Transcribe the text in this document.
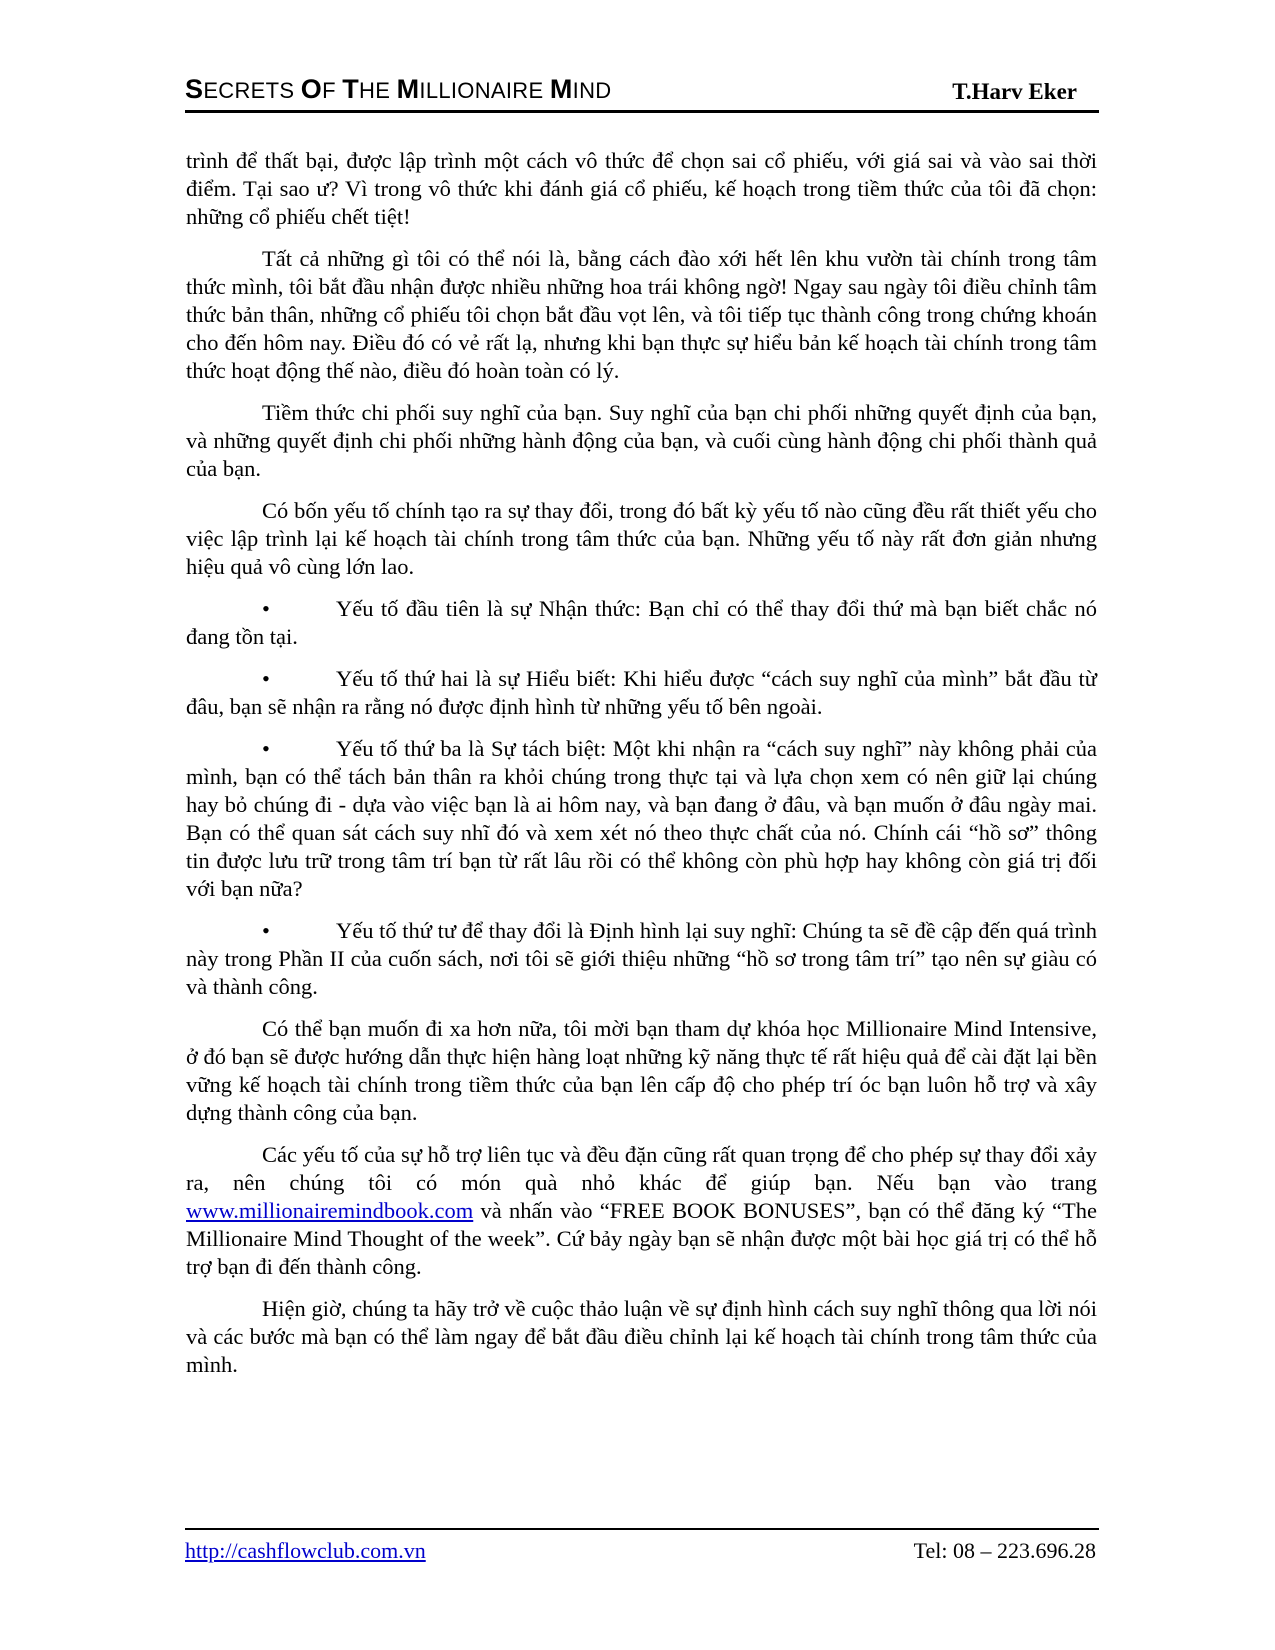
SECRETS OF THE MILLIONAIRE MIND	T.Harv Eker

trình để thất bại, được lập trình một cách vô thức để chọn sai cổ phiếu, với giá sai và vào sai thời điểm. Tại sao ư? Vì trong vô thức khi đánh giá cổ phiếu, kế hoạch trong tiềm thức của tôi đã chọn: những cổ phiếu chết tiệt!

Tất cả những gì tôi có thể nói là, bằng cách đào xới hết lên khu vườn tài chính trong tâm thức mình, tôi bắt đầu nhận được nhiều những hoa trái không ngờ! Ngay sau ngày tôi điều chỉnh tâm thức bản thân, những cổ phiếu tôi chọn bắt đầu vọt lên, và tôi tiếp tục thành công trong chứng khoán cho đến hôm nay. Điều đó có vẻ rất lạ, nhưng khi bạn thực sự hiểu bản kế hoạch tài chính trong tâm thức hoạt động thế nào, điều đó hoàn toàn có lý.

Tiềm thức chi phối suy nghĩ của bạn. Suy nghĩ của bạn chi phối những quyết định của bạn, và những quyết định chi phối những hành động của bạn, và cuối cùng hành động chi phối thành quả của bạn.

Có bốn yếu tố chính tạo ra sự thay đổi, trong đó bất kỳ yếu tố nào cũng đều rất thiết yếu cho việc lập trình lại kế hoạch tài chính trong tâm thức của bạn. Những yếu tố này rất đơn giản nhưng hiệu quả vô cùng lớn lao.

•	Yếu tố đầu tiên là sự Nhận thức: Bạn chỉ có thể thay đổi thứ mà bạn biết chắc nó đang tồn tại.
•	Yếu tố thứ hai là sự Hiểu biết: Khi hiểu được “cách suy nghĩ của mình” bắt đầu từ đâu, bạn sẽ nhận ra rằng nó được định hình từ những yếu tố bên ngoài.
•	Yếu tố thứ ba là Sự tách biệt: Một khi nhận ra “cách suy nghĩ” này không phải của mình, bạn có thể tách bản thân ra khỏi chúng trong thực tại và lựa chọn xem có nên giữ lại chúng hay bỏ chúng đi - dựa vào việc bạn là ai hôm nay, và bạn đang ở đâu, và bạn muốn ở đâu ngày mai. Bạn có thể quan sát cách suy nhĩ đó và xem xét nó theo thực chất của nó. Chính cái “hồ sơ” thông tin được lưu trữ trong tâm trí bạn từ rất lâu rồi có thể không còn phù hợp hay không còn giá trị đối với bạn nữa?
•	Yếu tố thứ tư để thay đổi là Định hình lại suy nghĩ: Chúng ta sẽ đề cập đến quá trình này trong Phần II của cuốn sách, nơi tôi sẽ giới thiệu những “hồ sơ trong tâm trí” tạo nên sự giàu có và thành công.

Có thể bạn muốn đi xa hơn nữa, tôi mời bạn tham dự khóa học Millionaire Mind Intensive, ở đó bạn sẽ được hướng dẫn thực hiện hàng loạt những kỹ năng thực tế rất hiệu quả để cài đặt lại bền vững kế hoạch tài chính trong tiềm thức của bạn lên cấp độ cho phép trí óc bạn luôn hỗ trợ và xây dựng thành công của bạn.

Các yếu tố của sự hỗ trợ liên tục và đều đặn cũng rất quan trọng để cho phép sự thay đổi xảy ra, nên chúng tôi có món quà nhỏ khác để giúp bạn. Nếu bạn vào trang www.millionairemindbook.com và nhấn vào “FREE BOOK BONUSES”, bạn có thể đăng ký “The Millionaire Mind Thought of the week”. Cứ bảy ngày bạn sẽ nhận được một bài học giá trị có thể hỗ trợ bạn đi đến thành công.

Hiện giờ, chúng ta hãy trở về cuộc thảo luận về sự định hình cách suy nghĩ thông qua lời nói và các bước mà bạn có thể làm ngay để bắt đầu điều chỉnh lại kế hoạch tài chính trong tâm thức của mình.

http://cashflowclub.com.vn	Tel: 08 – 223.696.28
